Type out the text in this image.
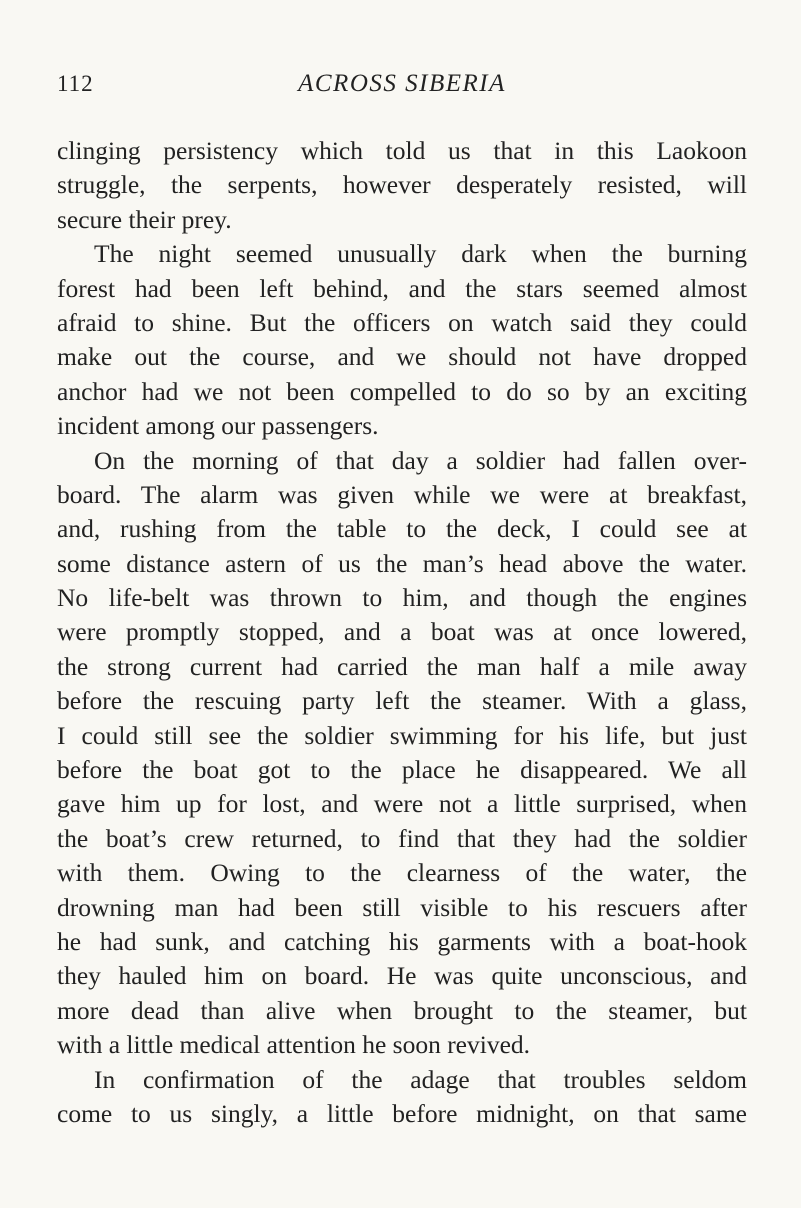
112	ACROSS SIBERIA
clinging persistency which told us that in this Laokoon
struggle, the serpents, however desperately resisted, will
secure their prey.
The night seemed unusually dark when the burning
forest had been left behind, and the stars seemed almost
afraid to shine. But the officers on watch said they could
make out the course, and we should not have dropped
anchor had we not been compelled to do so by an exciting
incident among our passengers.
On the morning of that day a soldier had fallen over-
board. The alarm was given while we were at breakfast,
and, rushing from the table to the deck, I could see at
some distance astern of us the man’s head above the water.
No life-belt was thrown to him, and though the engines
were promptly stopped, and a boat was at once lowered,
the strong current had carried the man half a mile away
before the rescuing party left the steamer. With a glass,
I could still see the soldier swimming for his life, but just
before the boat got to the place he disappeared. We all
gave him up for lost, and were not a little surprised, when
the boat’s crew returned, to find that they had the soldier
with them. Owing to the clearness of the water, the
drowning man had been still visible to his rescuers after
he had sunk, and catching his garments with a boat-hook
they hauled him on board. He was quite unconscious, and
more dead than alive when brought to the steamer, but
with a little medical attention he soon revived.
In confirmation of the adage that troubles seldom
come to us singly, a little before midnight, on that same
